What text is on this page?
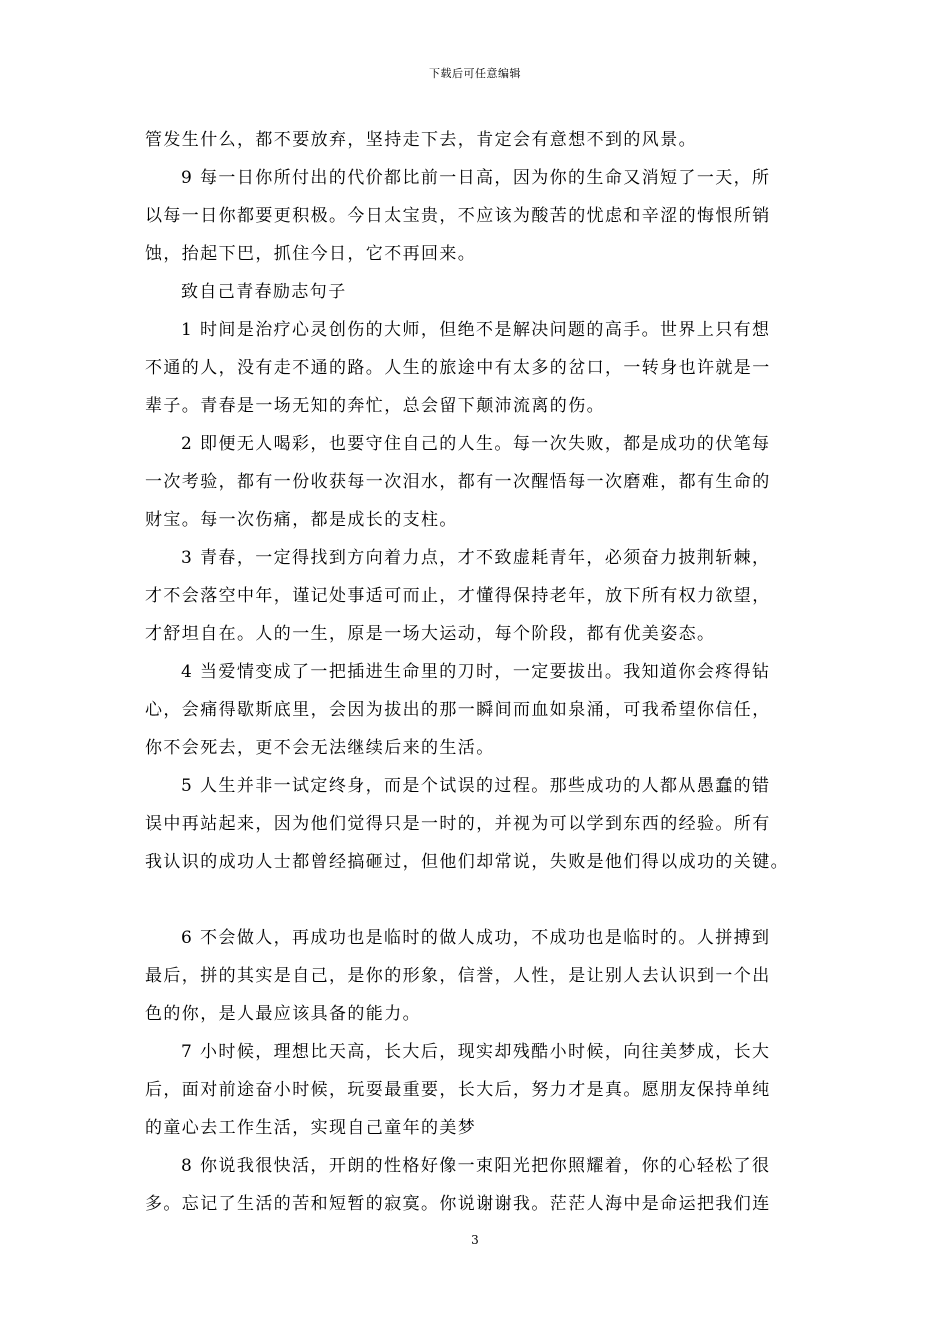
下载后可任意编辑
管发生什么，都不要放弃，坚持走下去，肯定会有意想不到的风景。
9 每一日你所付出的代价都比前一日高，因为你的生命又消短了一天，所
以每一日你都要更积极。今日太宝贵，不应该为酸苦的忧虑和辛涩的悔恨所销
蚀，抬起下巴，抓住今日，它不再回来。
致自己青春励志句子
1 时间是治疗心灵创伤的大师，但绝不是解决问题的高手。世界上只有想
不通的人，没有走不通的路。人生的旅途中有太多的岔口，一转身也许就是一
辈子。青春是一场无知的奔忙，总会留下颠沛流离的伤。
2 即便无人喝彩，也要守住自己的人生。每一次失败，都是成功的伏笔每
一次考验，都有一份收获每一次泪水，都有一次醒悟每一次磨难，都有生命的
财宝。每一次伤痛，都是成长的支柱。
3 青春，一定得找到方向着力点，才不致虚耗青年，必须奋力披荆斩棘，
才不会落空中年，谨记处事适可而止，才懂得保持老年，放下所有权力欲望，
才舒坦自在。人的一生，原是一场大运动，每个阶段，都有优美姿态。
4 当爱情变成了一把插进生命里的刀时，一定要拔出。我知道你会疼得钻
心，会痛得歇斯底里，会因为拔出的那一瞬间而血如泉涌，可我希望你信任，
你不会死去，更不会无法继续后来的生活。
5 人生并非一试定终身，而是个试误的过程。那些成功的人都从愚蠢的错
误中再站起来，因为他们觉得只是一时的，并视为可以学到东西的经验。所有
我认识的成功人士都曾经搞砸过，但他们却常说，失败是他们得以成功的关键。
6 不会做人，再成功也是临时的做人成功，不成功也是临时的。人拼搏到
最后，拼的其实是自己，是你的形象，信誉，人性，是让别人去认识到一个出
色的你，是人最应该具备的能力。
7 小时候，理想比天高，长大后，现实却残酷小时候，向往美梦成，长大
后，面对前途奋小时候，玩耍最重要，长大后，努力才是真。愿朋友保持单纯
的童心去工作生活，实现自己童年的美梦
8 你说我很快活，开朗的性格好像一束阳光把你照耀着，你的心轻松了很
多。忘记了生活的苦和短暂的寂寞。你说谢谢我。茫茫人海中是命运把我们连
3
